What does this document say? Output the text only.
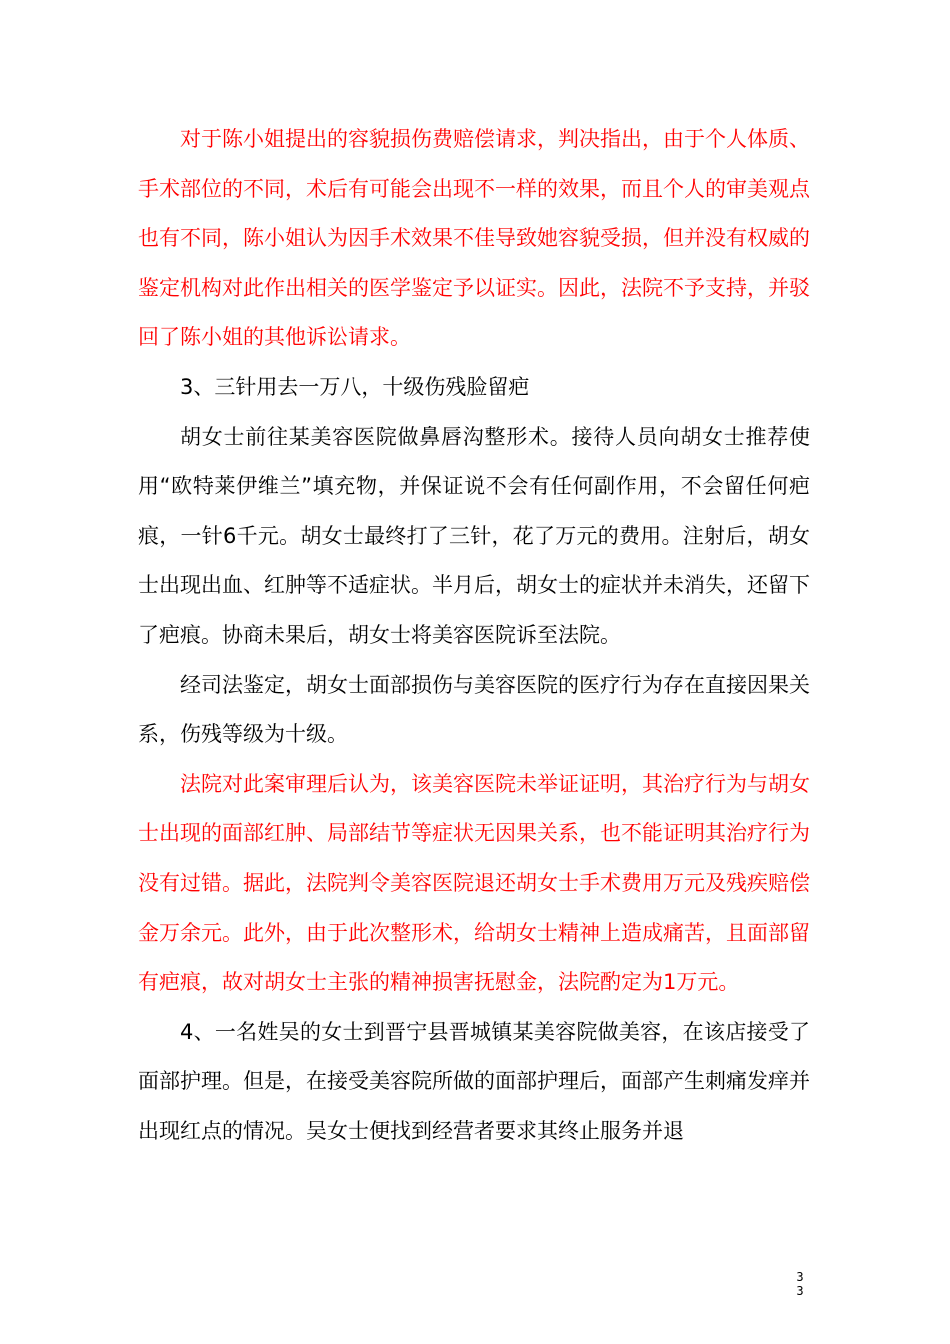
对于陈小姐提出的容貌损伤费赔偿请求，判决指出，由于个人体质、手术部位的不同，术后有可能会出现不一样的效果，而且个人的审美观点也有不同，陈小姐认为因手术效果不佳导致她容貌受损，但并没有权威的鉴定机构对此作出相关的医学鉴定予以证实。因此，法院不予支持，并驳回了陈小姐的其他诉讼请求。

3、三针用去一万八，十级伤残脸留疤

胡女士前往某美容医院做鼻唇沟整形术。接待人员向胡女士推荐使用“欧特莱伊维兰”填充物，并保证说不会有任何副作用，不会留任何疤痕，一针6千元。胡女士最终打了三针，花了万元的费用。注射后，胡女士出现出血、红肿等不适症状。半月后，胡女士的症状并未消失，还留下了疤痕。协商未果后，胡女士将美容医院诉至法院。

经司法鉴定，胡女士面部损伤与美容医院的医疗行为存在直接因果关系，伤残等级为十级。

法院对此案审理后认为，该美容医院未举证证明，其治疗行为与胡女士出现的面部红肿、局部结节等症状无因果关系，也不能证明其治疗行为没有过错。据此，法院判令美容医院退还胡女士手术费用万元及残疾赔偿金万余元。此外，由于此次整形术，给胡女士精神上造成痛苦，且面部留有疤痕，故对胡女士主张的精神损害抚慰金，法院酌定为1万元。

4、一名姓吴的女士到晋宁县晋城镇某美容院做美容，在该店接受了面部护理。但是，在接受美容院所做的面部护理后，面部产生刺痛发痒并出现红点的情况。吴女士便找到经营者要求其终止服务并退

3
3
